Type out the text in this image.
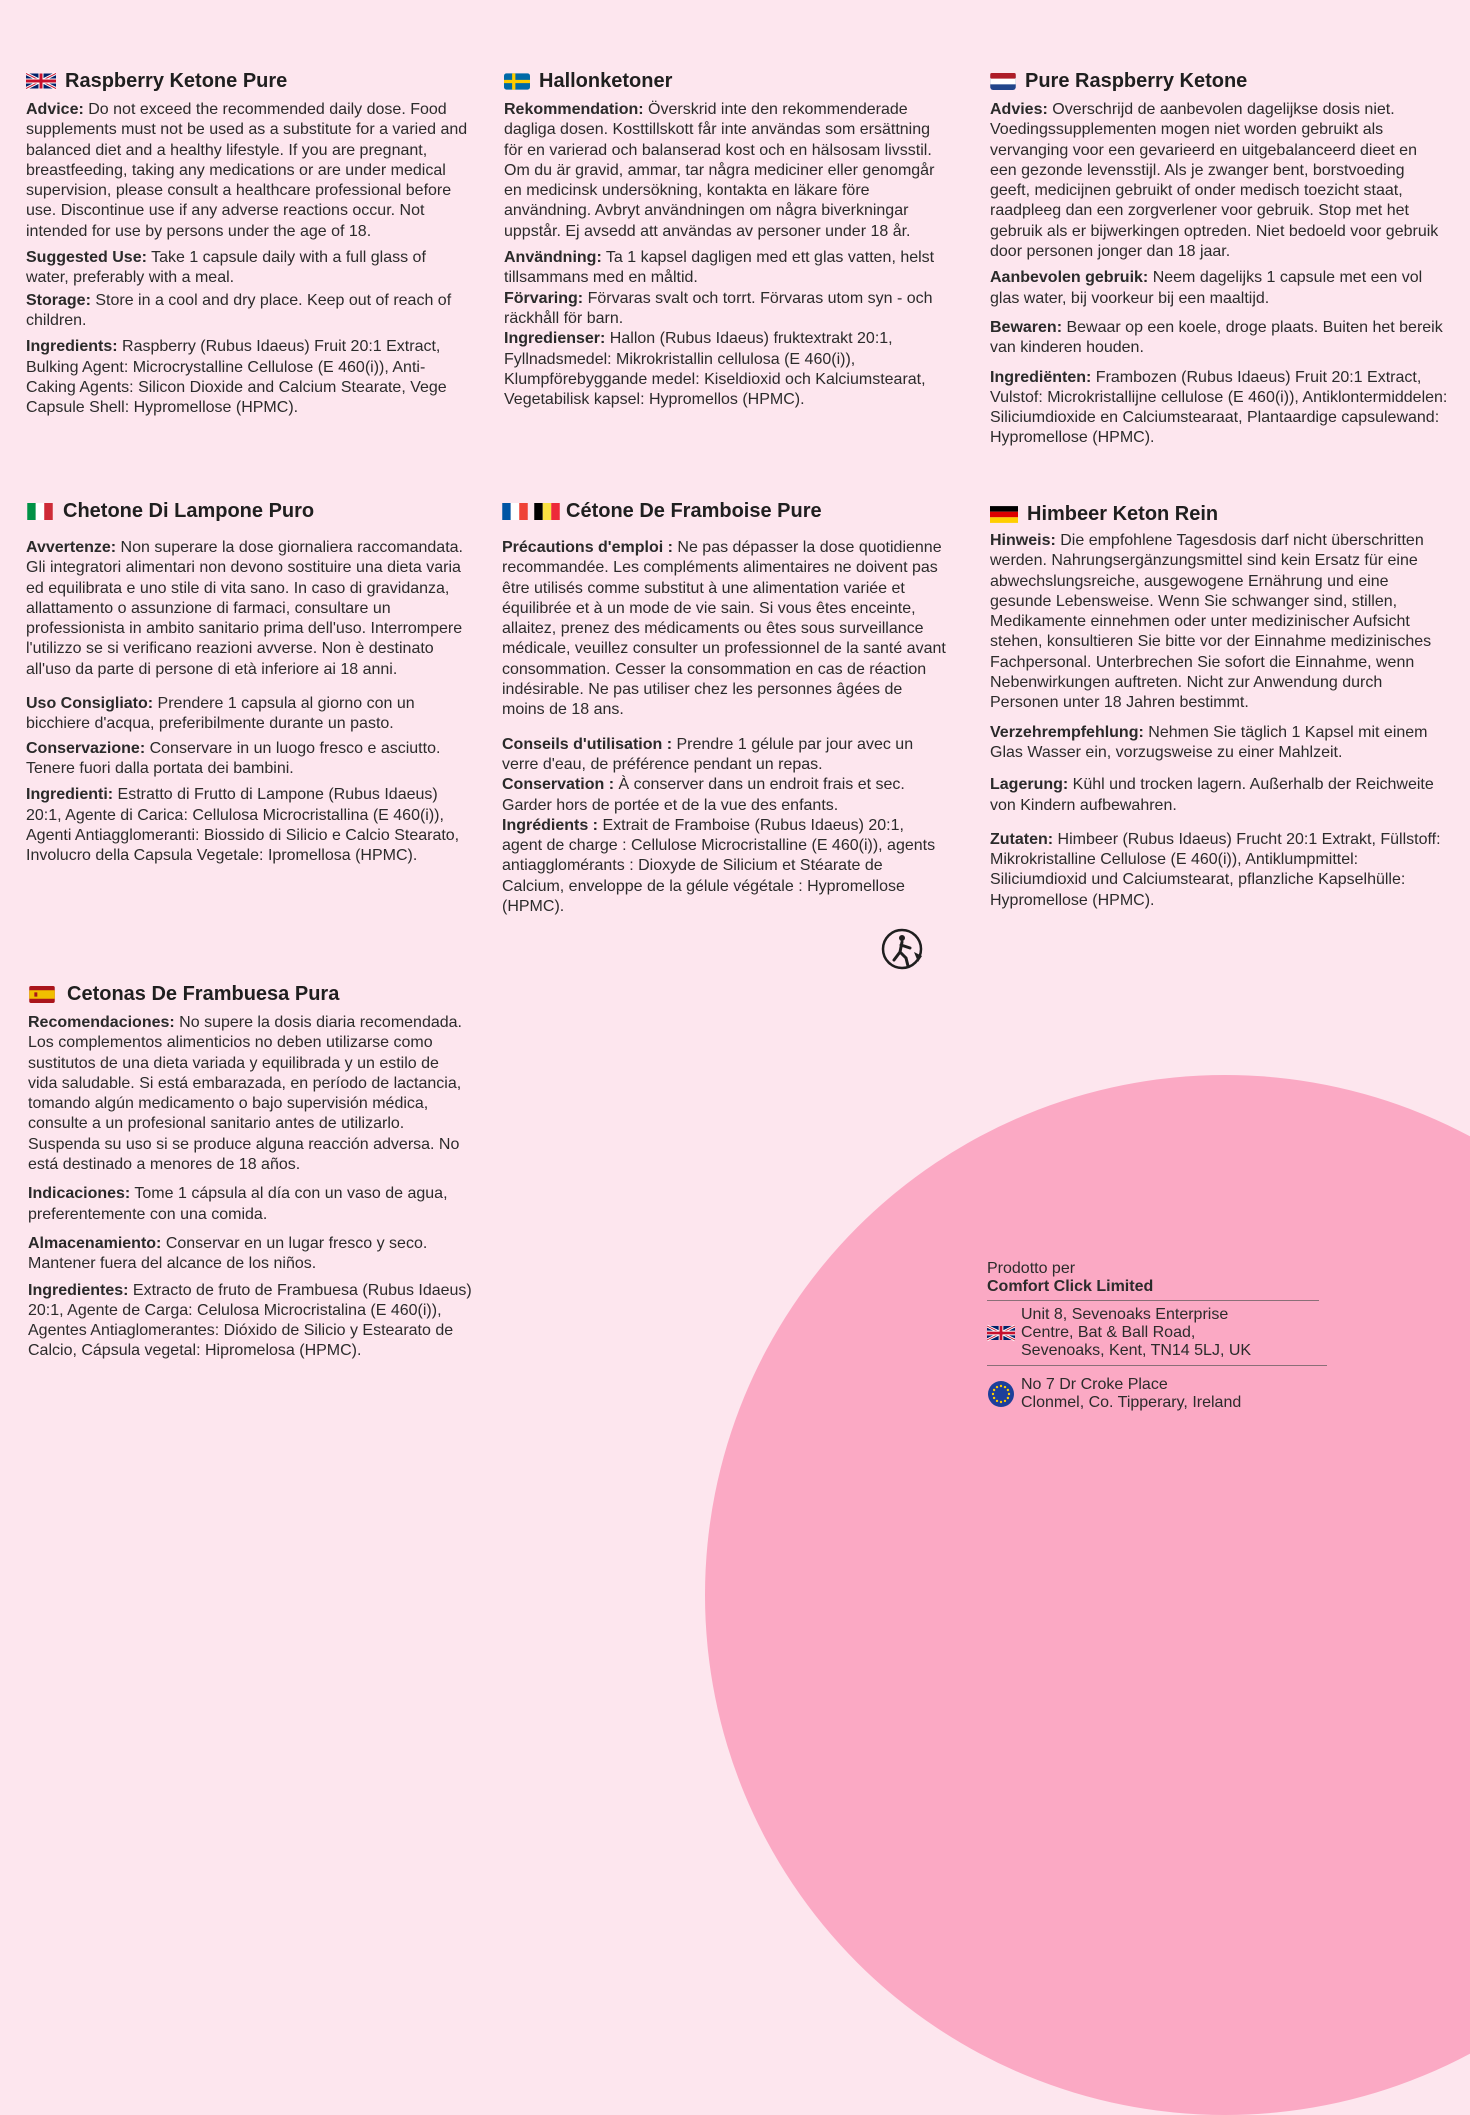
Raspberry Ketone Pure

Advice: Do not exceed the recommended daily dose. Food supplements must not be used as a substitute for a varied and balanced diet and a healthy lifestyle. If you are pregnant, breastfeeding, taking any medications or are under medical supervision, please consult a healthcare professional before use. Discontinue use if any adverse reactions occur. Not intended for use by persons under the age of 18.

Suggested Use: Take 1 capsule daily with a full glass of water, preferably with a meal.

Storage: Store in a cool and dry place. Keep out of reach of children.

Ingredients: Raspberry (Rubus Idaeus) Fruit 20:1 Extract, Bulking Agent: Microcrystalline Cellulose (E 460(i)), Anti-Caking Agents: Silicon Dioxide and Calcium Stearate, Vege Capsule Shell: Hypromellose (HPMC).

Hallonketoner

Rekommendation: Överskrid inte den rekommenderade dagliga dosen. Kosttillskott får inte användas som ersättning för en varierad och balanserad kost och en hälsosam livsstil. Om du är gravid, ammar, tar några mediciner eller genomgår en medicinsk undersökning, kontakta en läkare före användning. Avbryt användningen om några biverkningar uppstår. Ej avsedd att användas av personer under 18 år.

Användning: Ta 1 kapsel dagligen med ett glas vatten, helst tillsammans med en måltid.

Förvaring: Förvaras svalt och torrt. Förvaras utom syn - och räckhåll för barn.

Ingredienser: Hallon (Rubus Idaeus) fruktextrakt 20:1, Fyllnadsmedel: Mikrokristallin cellulosa (E 460(i)), Klumpförebyggande medel: Kiseldioxid och Kalciumstearat, Vegetabilisk kapsel: Hypromellos (HPMC).

Pure Raspberry Ketone

Advies: Overschrijd de aanbevolen dagelijkse dosis niet. Voedingssupplementen mogen niet worden gebruikt als vervanging voor een gevarieerd en uitgebalanceerd dieet en een gezonde levensstijl. Als je zwanger bent, borstvoeding geeft, medicijnen gebruikt of onder medisch toezicht staat, raadpleeg dan een zorgverlener voor gebruik. Stop met het gebruik als er bijwerkingen optreden. Niet bedoeld voor gebruik door personen jonger dan 18 jaar.

Aanbevolen gebruik: Neem dagelijks 1 capsule met een vol glas water, bij voorkeur bij een maaltijd.

Bewaren: Bewaar op een koele, droge plaats. Buiten het bereik van kinderen houden.

Ingrediënten: Frambozen (Rubus Idaeus) Fruit 20:1 Extract, Vulstof: Microkristallijne cellulose (E 460(i)), Antiklontermiddelen: Siliciumdioxide en Calciumstearaat, Plantaardige capsulewand: Hypromellose (HPMC).

Chetone Di Lampone Puro

Avvertenze: Non superare la dose giornaliera raccomandata. Gli integratori alimentari non devono sostituire una dieta varia ed equilibrata e uno stile di vita sano. In caso di gravidanza, allattamento o assunzione di farmaci, consultare un professionista in ambito sanitario prima dell'uso. Interrompere l'utilizzo se si verificano reazioni avverse. Non è destinato all'uso da parte di persone di età inferiore ai 18 anni.

Uso Consigliato: Prendere 1 capsula al giorno con un bicchiere d'acqua, preferibilmente durante un pasto.

Conservazione: Conservare in un luogo fresco e asciutto. Tenere fuori dalla portata dei bambini.

Ingredienti: Estratto di Frutto di Lampone (Rubus Idaeus) 20:1, Agente di Carica: Cellulosa Microcristallina (E 460(i)), Agenti Antiagglomeranti: Biossido di Silicio e Calcio Stearato, Involucro della Capsula Vegetale: Ipromellosa (HPMC).

Cétone De Framboise Pure

Précautions d'emploi : Ne pas dépasser la dose quotidienne recommandée. Les compléments alimentaires ne doivent pas être utilisés comme substitut à une alimentation variée et équilibrée et à un mode de vie sain. Si vous êtes enceinte, allaitez, prenez des médicaments ou êtes sous surveillance médicale, veuillez consulter un professionnel de la santé avant consommation. Cesser la consommation en cas de réaction indésirable. Ne pas utiliser chez les personnes âgées de moins de 18 ans.

Conseils d'utilisation : Prendre 1 gélule par jour avec un verre d'eau, de préférence pendant un repas.

Conservation : À conserver dans un endroit frais et sec. Garder hors de portée et de la vue des enfants.

Ingrédients : Extrait de Framboise (Rubus Idaeus) 20:1, agent de charge : Cellulose Microcristalline (E 460(i)), agents antiagglomérants : Dioxyde de Silicium et Stéarate de Calcium, enveloppe de la gélule végétale : Hypromellose (HPMC).

Himbeer Keton Rein

Hinweis: Die empfohlene Tagesdosis darf nicht überschritten werden. Nahrungsergänzungsmittel sind kein Ersatz für eine abwechslungsreiche, ausgewogene Ernährung und eine gesunde Lebensweise. Wenn Sie schwanger sind, stillen, Medikamente einnehmen oder unter medizinischer Aufsicht stehen, konsultieren Sie bitte vor der Einnahme medizinisches Fachpersonal. Unterbrechen Sie sofort die Einnahme, wenn Nebenwirkungen auftreten. Nicht zur Anwendung durch Personen unter 18 Jahren bestimmt.

Verzehrempfehlung: Nehmen Sie täglich 1 Kapsel mit einem Glas Wasser ein, vorzugsweise zu einer Mahlzeit.

Lagerung: Kühl und trocken lagern. Außerhalb der Reichweite von Kindern aufbewahren.

Zutaten: Himbeer (Rubus Idaeus) Frucht 20:1 Extrakt, Füllstoff: Mikrokristalline Cellulose (E 460(i)), Antiklumpmittel: Siliciumdioxid und Calciumstearat, pflanzliche Kapselhülle: Hypromellose (HPMC).

Cetonas De Frambuesa Pura

Recomendaciones: No supere la dosis diaria recomendada. Los complementos alimenticios no deben utilizarse como sustitutos de una dieta variada y equilibrada y un estilo de vida saludable. Si está embarazada, en período de lactancia, tomando algún medicamento o bajo supervisión médica, consulte a un profesional sanitario antes de utilizarlo. Suspenda su uso si se produce alguna reacción adversa. No está destinado a menores de 18 años.

Indicaciones: Tome 1 cápsula al día con un vaso de agua, preferentemente con una comida.

Almacenamiento: Conservar en un lugar fresco y seco. Mantener fuera del alcance de los niños.

Ingredientes: Extracto de fruto de Frambuesa (Rubus Idaeus) 20:1, Agente de Carga: Celulosa Microcristalina (E 460(i)), Agentes Antiaglomerantes: Dióxido de Silicio y Estearato de Calcio, Cápsula vegetal: Hipromelosa (HPMC).

Prodotto per
Comfort Click Limited
Unit 8, Sevenoaks Enterprise
Centre, Bat & Ball Road,
Sevenoaks, Kent, TN14 5LJ, UK
No 7 Dr Croke Place
Clonmel, Co. Tipperary, Ireland
